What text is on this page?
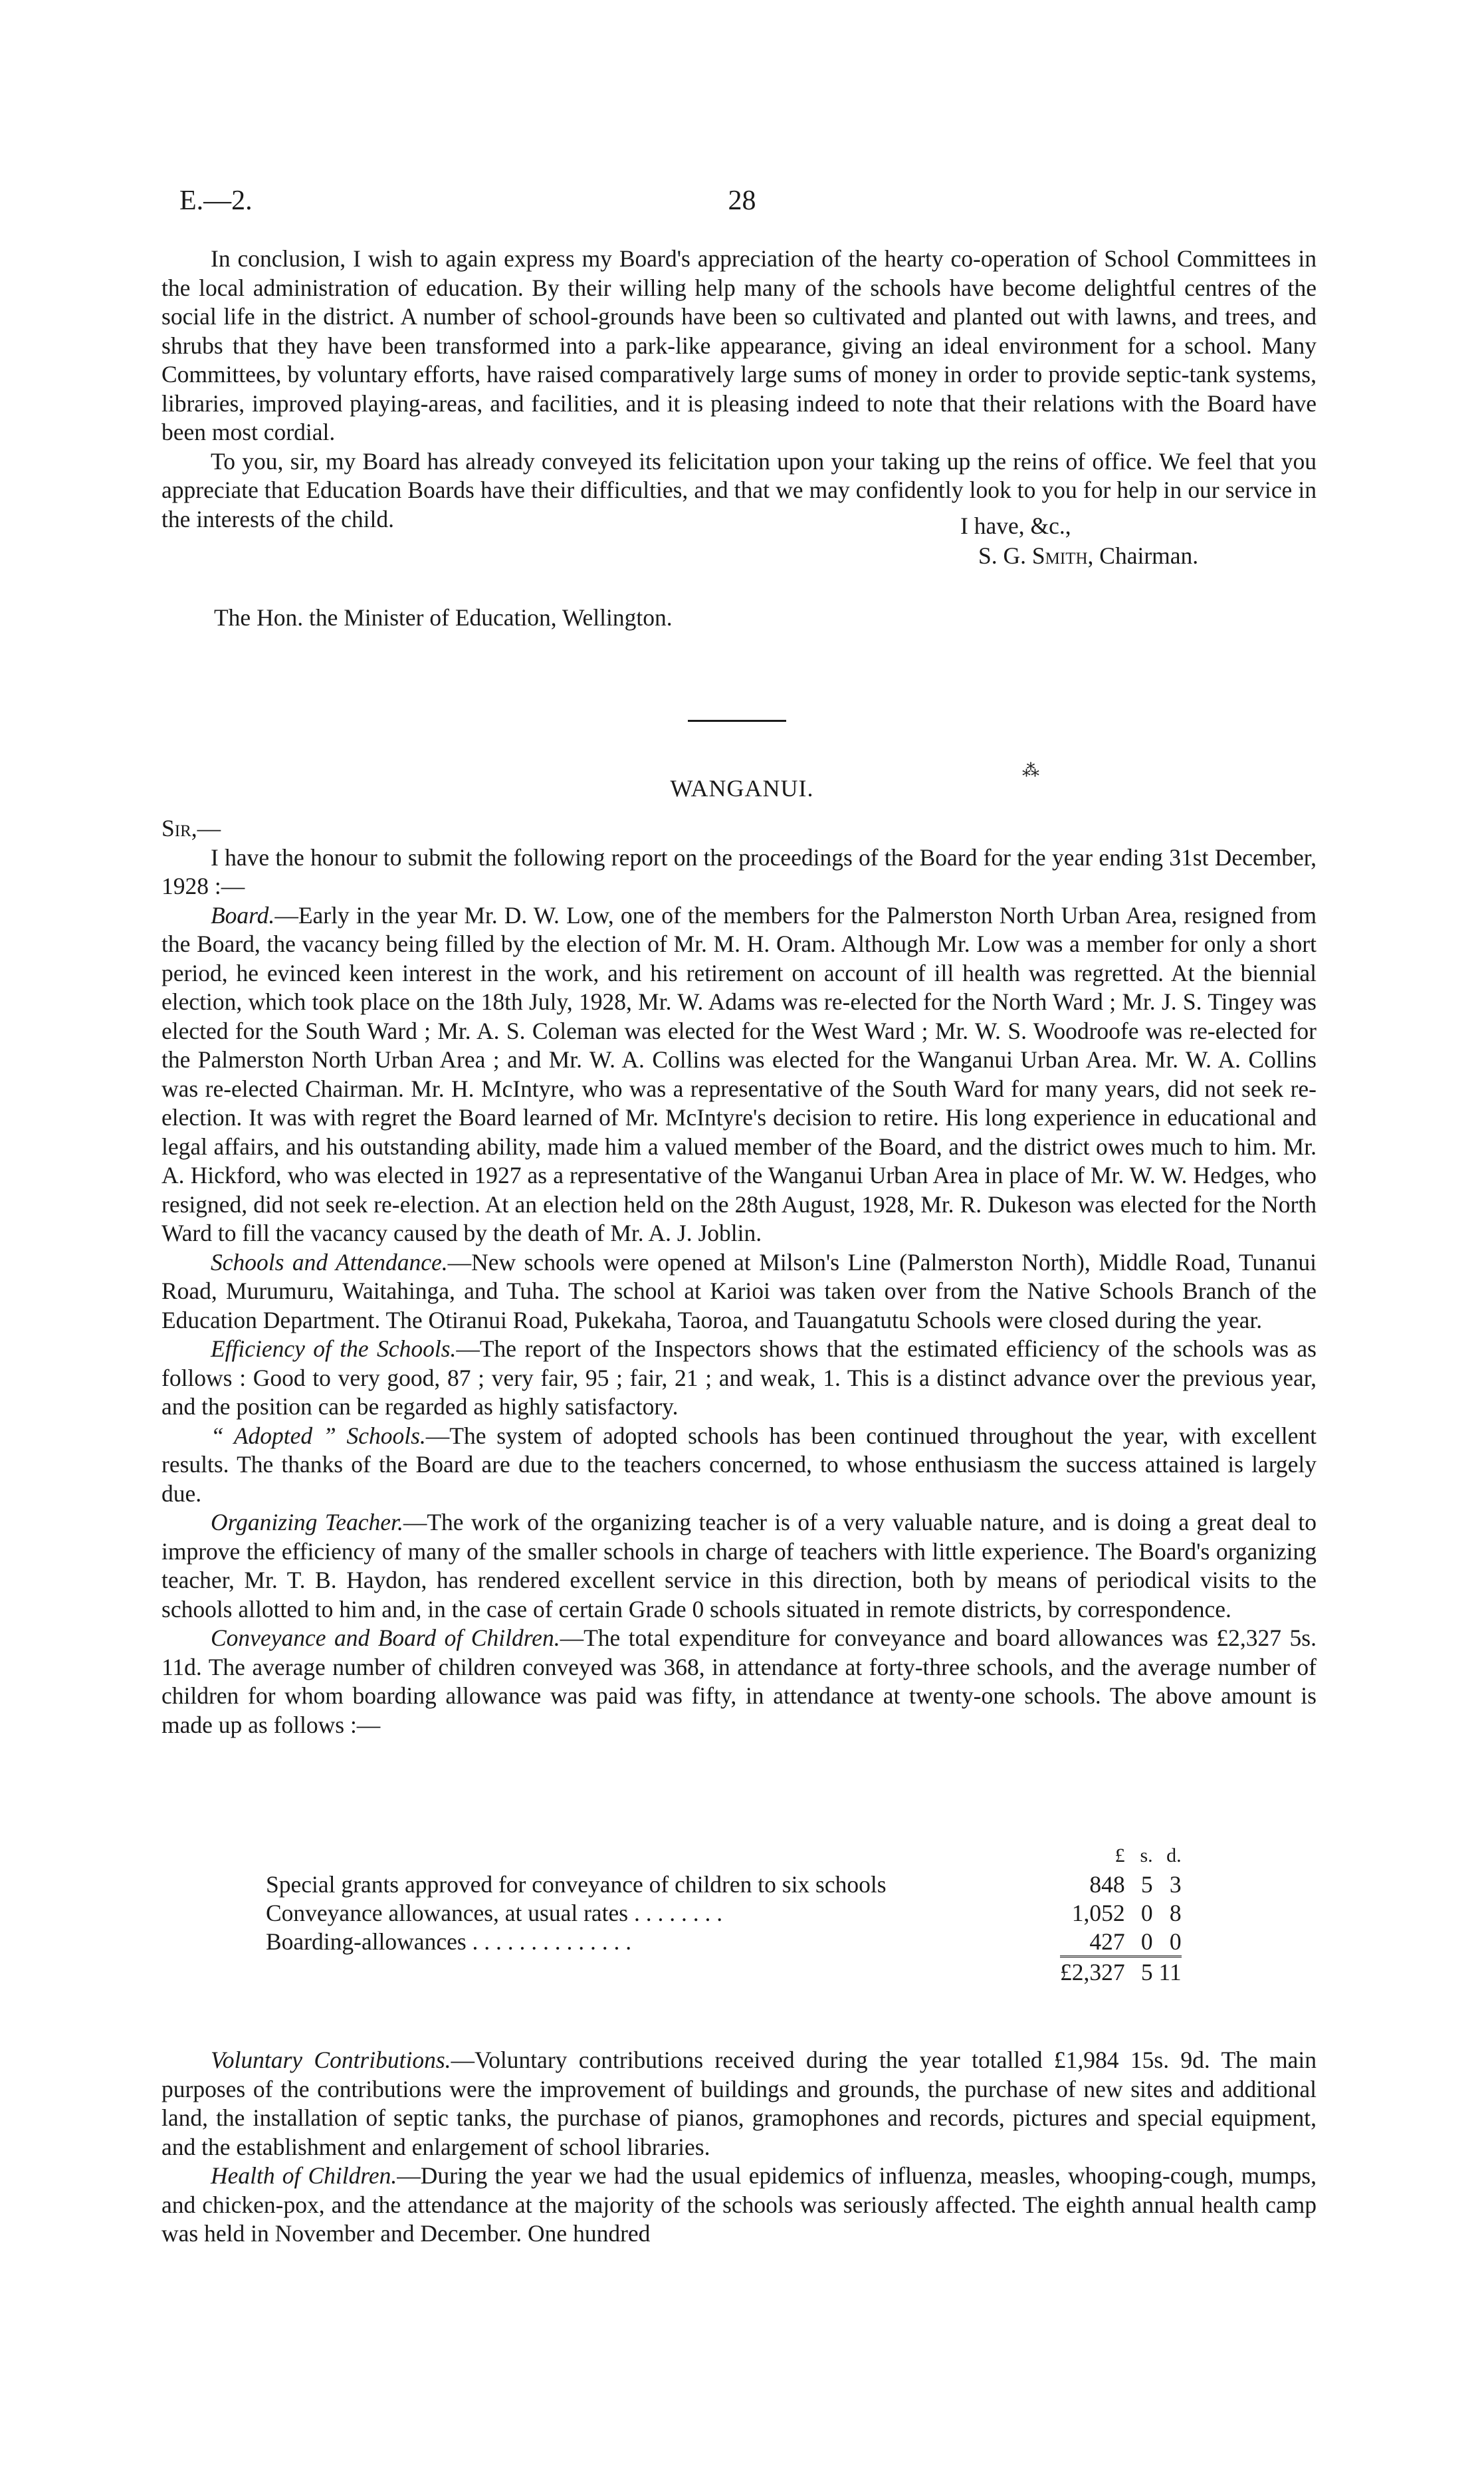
E.—2.	28

In conclusion, I wish to again express my Board's appreciation of the hearty co-operation of School Committees in the local administration of education. By their willing help many of the schools have become delightful centres of the social life in the district. A number of school-grounds have been so cultivated and planted out with lawns, and trees, and shrubs that they have been transformed into a park-like appearance, giving an ideal environment for a school. Many Committees, by voluntary efforts, have raised comparatively large sums of money in order to provide septic-tank systems, libraries, improved playing-areas, and facilities, and it is pleasing indeed to note that their relations with the Board have been most cordial.

To you, sir, my Board has already conveyed its felicitation upon your taking up the reins of office. We feel that you appreciate that Education Boards have their difficulties, and that we may confidently look to you for help in our service in the interests of the child.	I have, &c.,
S. G. Smith, Chairman.
The Hon. the Minister of Education, Wellington.
⁂
WANGANUI.

Sir,—

I have the honour to submit the following report on the proceedings of the Board for the year ending 31st December, 1928 :—

Board.—Early in the year Mr. D. W. Low, one of the members for the Palmerston North Urban Area, resigned from the Board, the vacancy being filled by the election of Mr. M. H. Oram. Although Mr. Low was a member for only a short period, he evinced keen interest in the work, and his retirement on account of ill health was regretted. At the biennial election, which took place on the 18th July, 1928, Mr. W. Adams was re-elected for the North Ward ; Mr. J. S. Tingey was elected for the South Ward ; Mr. A. S. Coleman was elected for the West Ward ; Mr. W. S. Woodroofe was re-elected for the Palmerston North Urban Area ; and Mr. W. A. Collins was elected for the Wanganui Urban Area. Mr. W. A. Collins was re-elected Chairman. Mr. H. McIntyre, who was a representative of the South Ward for many years, did not seek re-election. It was with regret the Board learned of Mr. McIntyre's decision to retire. His long experience in educational and legal affairs, and his outstanding ability, made him a valued member of the Board, and the district owes much to him. Mr. A. Hickford, who was elected in 1927 as a representative of the Wanganui Urban Area in place of Mr. W. W. Hedges, who resigned, did not seek re-election. At an election held on the 28th August, 1928, Mr. R. Dukeson was elected for the North Ward to fill the vacancy caused by the death of Mr. A. J. Joblin.

Schools and Attendance.—New schools were opened at Milson's Line (Palmerston North), Middle Road, Tunanui Road, Murumuru, Waitahinga, and Tuha. The school at Karioi was taken over from the Native Schools Branch of the Education Department. The Otiranui Road, Pukekaha, Taoroa, and Tauangatutu Schools were closed during the year.

Efficiency of the Schools.—The report of the Inspectors shows that the estimated efficiency of the schools was as follows : Good to very good, 87 ; very fair, 95 ; fair, 21 ; and weak, 1. This is a distinct advance over the previous year, and the position can be regarded as highly satisfactory.

“ Adopted ” Schools.—The system of adopted schools has been continued throughout the year, with excellent results. The thanks of the Board are due to the teachers concerned, to whose enthusiasm the success attained is largely due.

Organizing Teacher.—The work of the organizing teacher is of a very valuable nature, and is doing a great deal to improve the efficiency of many of the smaller schools in charge of teachers with little experience. The Board's organizing teacher, Mr. T. B. Haydon, has rendered excellent service in this direction, both by means of periodical visits to the schools allotted to him and, in the case of certain Grade 0 schools situated in remote districts, by correspondence.

Conveyance and Board of Children.—The total expenditure for conveyance and board allowances was £2,327 5s. 11d. The average number of children conveyed was 368, in attendance at forty-three schools, and the average number of children for whom boarding allowance was paid was fifty, in attendance at twenty-one schools. The above amount is made up as follows :—

	£	s.	d.
Special grants approved for conveyance of children to six schools	848	5	3
Conveyance allowances, at usual rates . . . . . . . .	1,052	0	8
Boarding-allowances . . . . . . . . . . . . . .	427	0	0
	£2,327	5	11

Voluntary Contributions.—Voluntary contributions received during the year totalled £1,984 15s. 9d. The main purposes of the contributions were the improvement of buildings and grounds, the purchase of new sites and additional land, the installation of septic tanks, the purchase of pianos, gramophones and records, pictures and special equipment, and the establishment and enlargement of school libraries.

Health of Children.—During the year we had the usual epidemics of influenza, measles, whooping-cough, mumps, and chicken-pox, and the attendance at the majority of the schools was seriously affected. The eighth annual health camp was held in November and December. One hundred
